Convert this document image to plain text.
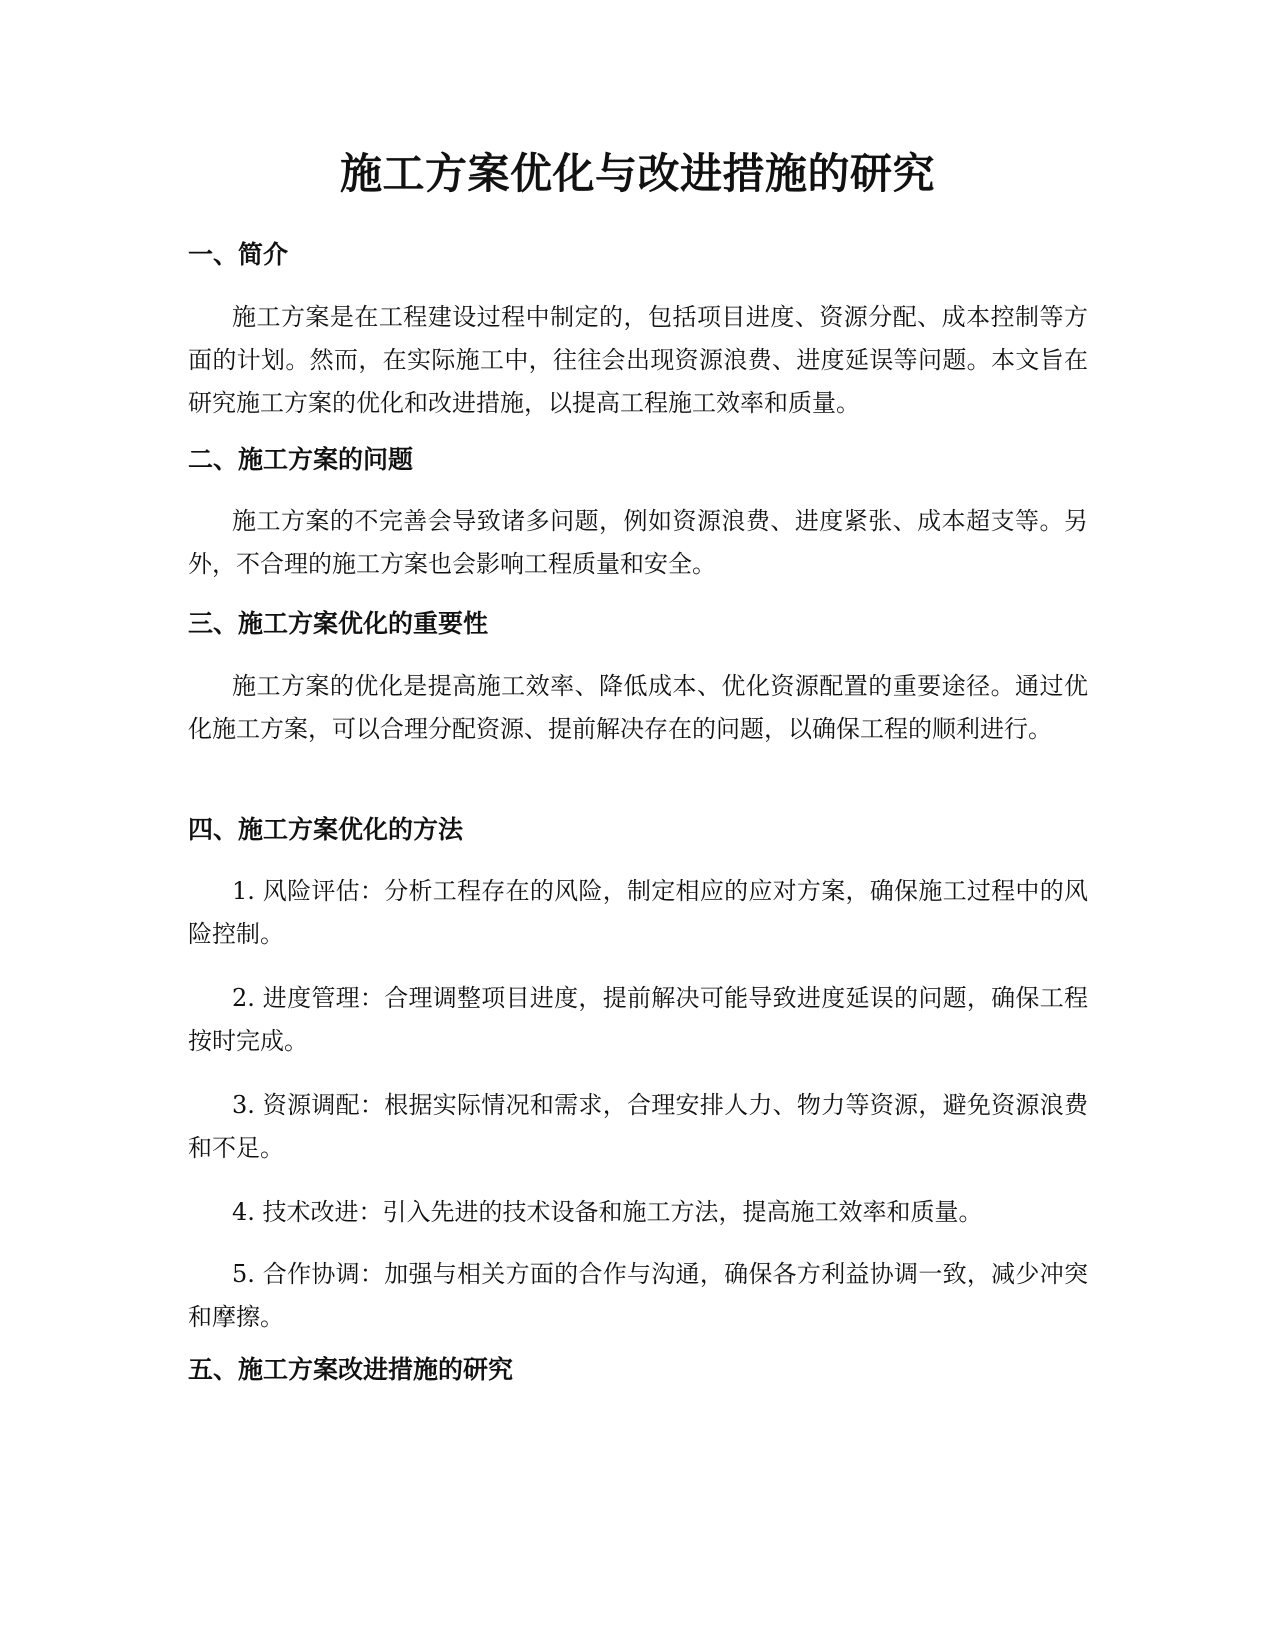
施工方案优化与改进措施的研究
一、简介

施工方案是在工程建设过程中制定的，包括项目进度、资源分配、成本控制等方面的计划。然而，在实际施工中，往往会出现资源浪费、进度延误等问题。本文旨在研究施工方案的优化和改进措施，以提高工程施工效率和质量。

二、施工方案的问题

施工方案的不完善会导致诸多问题，例如资源浪费、进度紧张、成本超支等。另外，不合理的施工方案也会影响工程质量和安全。

三、施工方案优化的重要性

施工方案的优化是提高施工效率、降低成本、优化资源配置的重要途径。通过优化施工方案，可以合理分配资源、提前解决存在的问题，以确保工程的顺利进行。

四、施工方案优化的方法

1. 风险评估：分析工程存在的风险，制定相应的应对方案，确保施工过程中的风险控制。

2. 进度管理：合理调整项目进度，提前解决可能导致进度延误的问题，确保工程按时完成。

3. 资源调配：根据实际情况和需求，合理安排人力、物力等资源，避免资源浪费和不足。

4. 技术改进：引入先进的技术设备和施工方法，提高施工效率和质量。

5. 合作协调：加强与相关方面的合作与沟通，确保各方利益协调一致，减少冲突和摩擦。

五、施工方案改进措施的研究
